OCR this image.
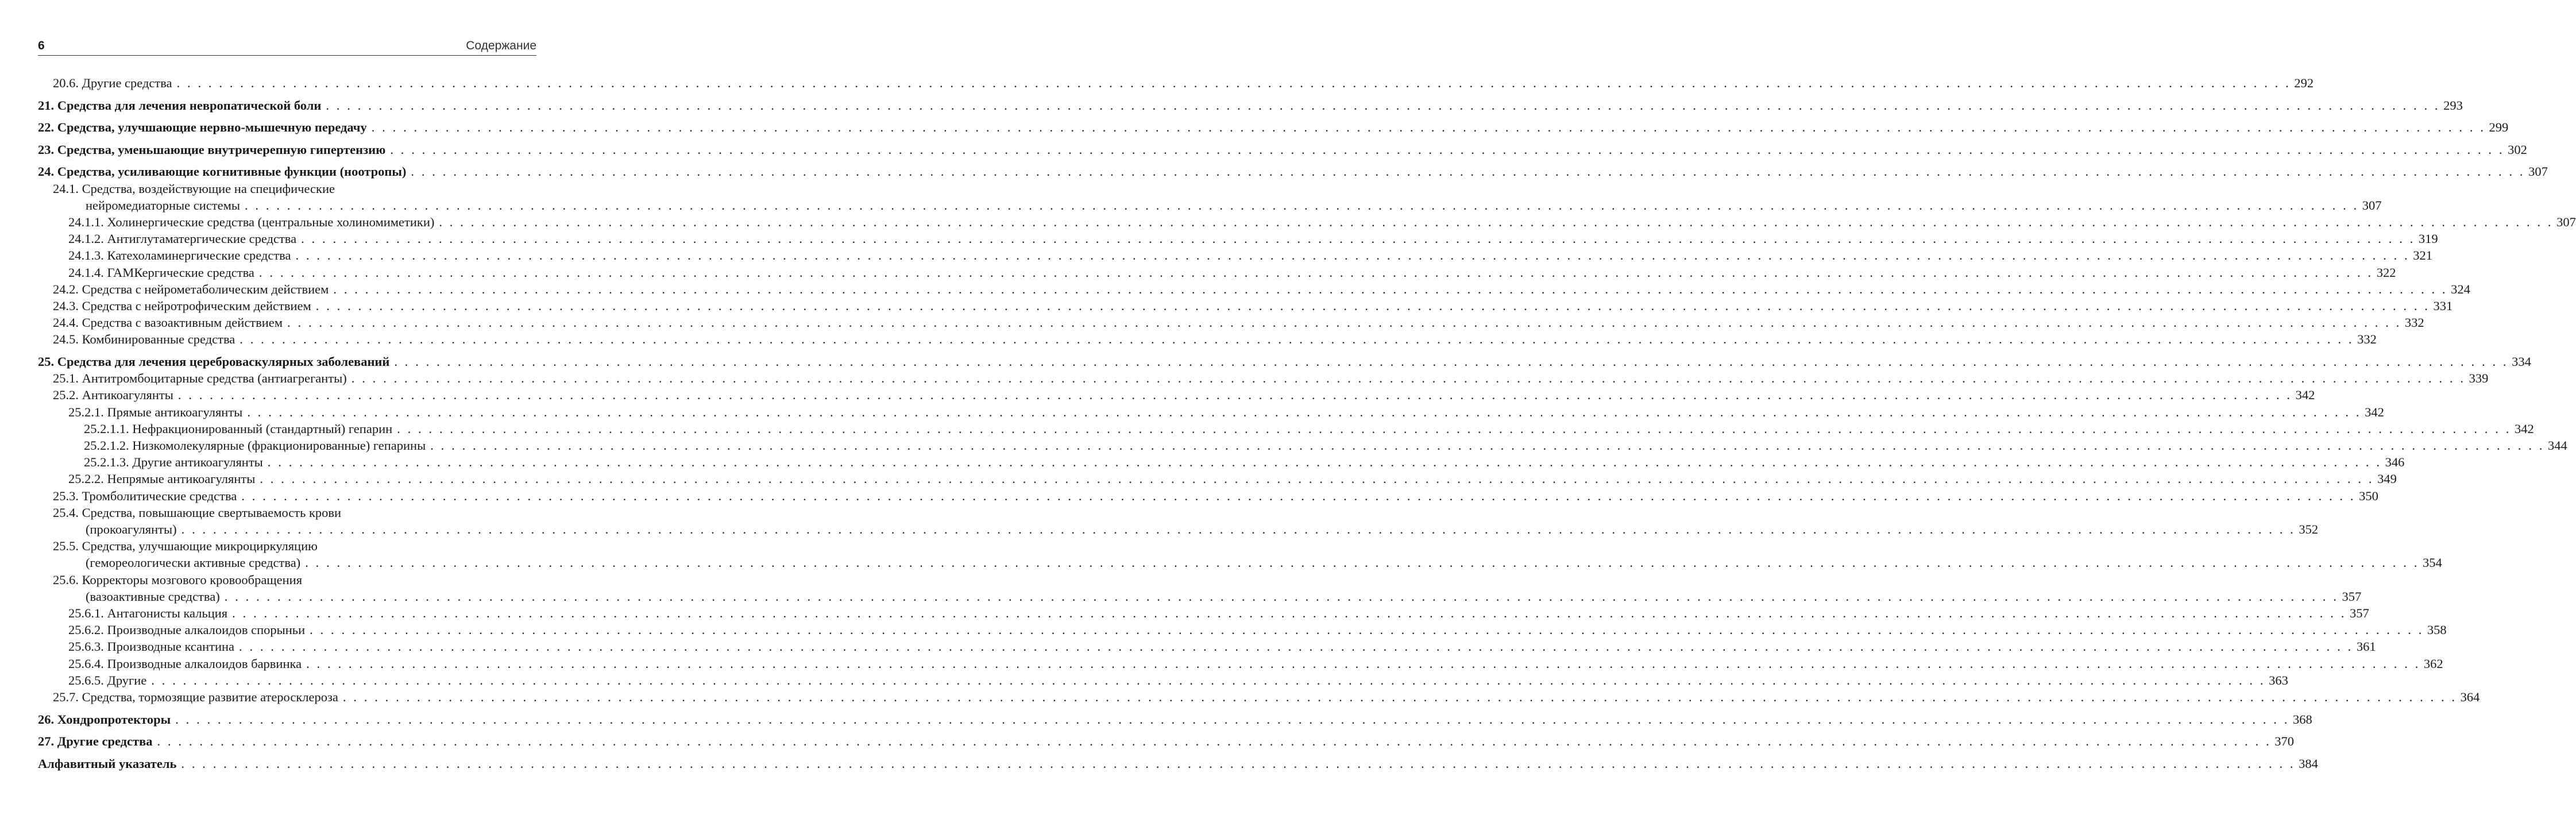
6	Содержание
20.6. Другие средства . . . . . . . . . . . . . . . . . . . . . . . . . . . . . . . . . . . . . . . . . . . . . . . . . . . . . . . . . . . . . . . . . . . . . . . . . . . . . . . . . . . . . . . . . . . . . . . . . . . . . . . . . . . . . . . . . . . . . . . . . . . . . . . . . . . . . . . . . . . . . . . . . . . . . . . . . . . . . . . . . . . . . . . . . . . . . . . . . . . . . . . . . . . . . . . . . . . . . . . . 292
21. Средства для лечения невропатической боли . . . . . . . . . . . . . . . . . . . . . . . . . . . . . . . . . . . . . . . . . . . . . . . . . . . . . . . . . . . . . . . . . . . . . . . . . . . . . . . . . . . . . . . . . . . . . . . . . . . . . . . . . . . . . . . . . . . . . . . . . . . . . . . . . . . . . . . . . . . . . . . . . . . . . . . . . . . . . . . . . . . . . . . . . . . . . . . . . . . . . . . . . . . . . . . . . . . . . . . . 293
22. Средства, улучшающие нервно-мышечную передачу . . . . . . . . . . . . . . . . . . . . . . . . . . . . . . . . . . . . . . . . . . . . . . . . . . . . . . . . . . . . . . . . . . . . . . . . . . . . . . . . . . . . . . . . . . . . . . . . . . . . . . . . . . . . . . . . . . . . . . . . . . . . . . . . . . . . . . . . . . . . . . . . . . . . . . . . . . . . . . . . . . . . . . . . . . . . . . . . . . . . . . . . . . . . . . . . . . . . . . . . 299
23. Средства, уменьшающие внутричерепную гипертензию . . . . . . . . . . . . . . . . . . . . . . . . . . . . . . . . . . . . . . . . . . . . . . . . . . . . . . . . . . . . . . . . . . . . . . . . . . . . . . . . . . . . . . . . . . . . . . . . . . . . . . . . . . . . . . . . . . . . . . . . . . . . . . . . . . . . . . . . . . . . . . . . . . . . . . . . . . . . . . . . . . . . . . . . . . . . . . . . . . . . . . . . . . . . . . . . . . . . . . . . 302
24. Средства, усиливающие когнитивные функции (ноотропы) . . . . . . . . . . . . . . . . . . . . . . . . . . . . . . . . . . . . . . . . . . . . . . . . . . . . . . . . . . . . . . . . . . . . . . . . . . . . . . . . . . . . . . . . . . . . . . . . . . . . . . . . . . . . . . . . . . . . . . . . . . . . . . . . . . . . . . . . . . . . . . . . . . . . . . . . . . . . . . . . . . . . . . . . . . . . . . . . . . . . . . . . . . . . . . . . . . . . . . . . 307
24.1. Средства, воздействующие на специфические
нейромедиаторные системы . . . . . . . . . . . . . . . . . . . . . . . . . . . . . . . . . . . . . . . . . . . . . . . . . . . . . . . . . . . . . . . . . . . . . . . . . . . . . . . . . . . . . . . . . . . . . . . . . . . . . . . . . . . . . . . . . . . . . . . . . . . . . . . . . . . . . . . . . . . . . . . . . . . . . . . . . . . . . . . . . . . . . . . . . . . . . . . . . . . . . . . . . . . . . . . . . . . . . . . . 307
24.1.1. Холинергические средства (центральные холиномиметики) . . . . . . . . . . . . . . . . . . . . . . . . . . . . . . . . . . . . . . . . . . . . . . . . . . . . . . . . . . . . . . . . . . . . . . . . . . . . . . . . . . . . . . . . . . . . . . . . . . . . . . . . . . . . . . . . . . . . . . . . . . . . . . . . . . . . . . . . . . . . . . . . . . . . . . . . . . . . . . . . . . . . . . . . . . . . . . . . . . . . . . . . . . . . . . . . . . . . . . . . 307
24.1.2. Антиглутаматергические средства . . . . . . . . . . . . . . . . . . . . . . . . . . . . . . . . . . . . . . . . . . . . . . . . . . . . . . . . . . . . . . . . . . . . . . . . . . . . . . . . . . . . . . . . . . . . . . . . . . . . . . . . . . . . . . . . . . . . . . . . . . . . . . . . . . . . . . . . . . . . . . . . . . . . . . . . . . . . . . . . . . . . . . . . . . . . . . . . . . . . . . . . . . . . . . . . . . . . . . . . 319
24.1.3. Катехоламинергические средства . . . . . . . . . . . . . . . . . . . . . . . . . . . . . . . . . . . . . . . . . . . . . . . . . . . . . . . . . . . . . . . . . . . . . . . . . . . . . . . . . . . . . . . . . . . . . . . . . . . . . . . . . . . . . . . . . . . . . . . . . . . . . . . . . . . . . . . . . . . . . . . . . . . . . . . . . . . . . . . . . . . . . . . . . . . . . . . . . . . . . . . . . . . . . . . . . . . . . . . . 321
24.1.4. ГАМКергические средства . . . . . . . . . . . . . . . . . . . . . . . . . . . . . . . . . . . . . . . . . . . . . . . . . . . . . . . . . . . . . . . . . . . . . . . . . . . . . . . . . . . . . . . . . . . . . . . . . . . . . . . . . . . . . . . . . . . . . . . . . . . . . . . . . . . . . . . . . . . . . . . . . . . . . . . . . . . . . . . . . . . . . . . . . . . . . . . . . . . . . . . . . . . . . . . . . . . . . . . . 322
24.2. Средства с нейрометаболическим действием . . . . . . . . . . . . . . . . . . . . . . . . . . . . . . . . . . . . . . . . . . . . . . . . . . . . . . . . . . . . . . . . . . . . . . . . . . . . . . . . . . . . . . . . . . . . . . . . . . . . . . . . . . . . . . . . . . . . . . . . . . . . . . . . . . . . . . . . . . . . . . . . . . . . . . . . . . . . . . . . . . . . . . . . . . . . . . . . . . . . . . . . . . . . . . . . . . . . . . . . 324
24.3. Средства с нейротрофическим действием . . . . . . . . . . . . . . . . . . . . . . . . . . . . . . . . . . . . . . . . . . . . . . . . . . . . . . . . . . . . . . . . . . . . . . . . . . . . . . . . . . . . . . . . . . . . . . . . . . . . . . . . . . . . . . . . . . . . . . . . . . . . . . . . . . . . . . . . . . . . . . . . . . . . . . . . . . . . . . . . . . . . . . . . . . . . . . . . . . . . . . . . . . . . . . . . . . . . . . . . 331
24.4. Средства с вазоактивным действием . . . . . . . . . . . . . . . . . . . . . . . . . . . . . . . . . . . . . . . . . . . . . . . . . . . . . . . . . . . . . . . . . . . . . . . . . . . . . . . . . . . . . . . . . . . . . . . . . . . . . . . . . . . . . . . . . . . . . . . . . . . . . . . . . . . . . . . . . . . . . . . . . . . . . . . . . . . . . . . . . . . . . . . . . . . . . . . . . . . . . . . . . . . . . . . . . . . . . . . . 332
24.5. Комбинированные средства . . . . . . . . . . . . . . . . . . . . . . . . . . . . . . . . . . . . . . . . . . . . . . . . . . . . . . . . . . . . . . . . . . . . . . . . . . . . . . . . . . . . . . . . . . . . . . . . . . . . . . . . . . . . . . . . . . . . . . . . . . . . . . . . . . . . . . . . . . . . . . . . . . . . . . . . . . . . . . . . . . . . . . . . . . . . . . . . . . . . . . . . . . . . . . . . . . . . . . . . 332
25. Средства для лечения цереброваскулярных заболеваний . . . . . . . . . . . . . . . . . . . . . . . . . . . . . . . . . . . . . . . . . . . . . . . . . . . . . . . . . . . . . . . . . . . . . . . . . . . . . . . . . . . . . . . . . . . . . . . . . . . . . . . . . . . . . . . . . . . . . . . . . . . . . . . . . . . . . . . . . . . . . . . . . . . . . . . . . . . . . . . . . . . . . . . . . . . . . . . . . . . . . . . . . . . . . . . . . . . . . . . . 334
25.1. Антитромбоцитарные средства (антиагреганты) . . . . . . . . . . . . . . . . . . . . . . . . . . . . . . . . . . . . . . . . . . . . . . . . . . . . . . . . . . . . . . . . . . . . . . . . . . . . . . . . . . . . . . . . . . . . . . . . . . . . . . . . . . . . . . . . . . . . . . . . . . . . . . . . . . . . . . . . . . . . . . . . . . . . . . . . . . . . . . . . . . . . . . . . . . . . . . . . . . . . . . . . . . . . . . . . . . . . . . . . 339
25.2. Антикоагулянты . . . . . . . . . . . . . . . . . . . . . . . . . . . . . . . . . . . . . . . . . . . . . . . . . . . . . . . . . . . . . . . . . . . . . . . . . . . . . . . . . . . . . . . . . . . . . . . . . . . . . . . . . . . . . . . . . . . . . . . . . . . . . . . . . . . . . . . . . . . . . . . . . . . . . . . . . . . . . . . . . . . . . . . . . . . . . . . . . . . . . . . . . . . . . . . . . . . . . . . . 342
25.2.1. Прямые антикоагулянты . . . . . . . . . . . . . . . . . . . . . . . . . . . . . . . . . . . . . . . . . . . . . . . . . . . . . . . . . . . . . . . . . . . . . . . . . . . . . . . . . . . . . . . . . . . . . . . . . . . . . . . . . . . . . . . . . . . . . . . . . . . . . . . . . . . . . . . . . . . . . . . . . . . . . . . . . . . . . . . . . . . . . . . . . . . . . . . . . . . . . . . . . . . . . . . . . . . . . . . . 342
25.2.1.1. Нефракционированный (стандартный) гепарин . . . . . . . . . . . . . . . . . . . . . . . . . . . . . . . . . . . . . . . . . . . . . . . . . . . . . . . . . . . . . . . . . . . . . . . . . . . . . . . . . . . . . . . . . . . . . . . . . . . . . . . . . . . . . . . . . . . . . . . . . . . . . . . . . . . . . . . . . . . . . . . . . . . . . . . . . . . . . . . . . . . . . . . . . . . . . . . . . . . . . . . . . . . . . . . . . . . . . . . . 342
25.2.1.2. Низкомолекулярные (фракционированные) гепарины . . . . . . . . . . . . . . . . . . . . . . . . . . . . . . . . . . . . . . . . . . . . . . . . . . . . . . . . . . . . . . . . . . . . . . . . . . . . . . . . . . . . . . . . . . . . . . . . . . . . . . . . . . . . . . . . . . . . . . . . . . . . . . . . . . . . . . . . . . . . . . . . . . . . . . . . . . . . . . . . . . . . . . . . . . . . . . . . . . . . . . . . . . . . . . . . . . . . . . . . 344
25.2.1.3. Другие антикоагулянты . . . . . . . . . . . . . . . . . . . . . . . . . . . . . . . . . . . . . . . . . . . . . . . . . . . . . . . . . . . . . . . . . . . . . . . . . . . . . . . . . . . . . . . . . . . . . . . . . . . . . . . . . . . . . . . . . . . . . . . . . . . . . . . . . . . . . . . . . . . . . . . . . . . . . . . . . . . . . . . . . . . . . . . . . . . . . . . . . . . . . . . . . . . . . . . . . . . . . . . . 346
25.2.2. Непрямые антикоагулянты . . . . . . . . . . . . . . . . . . . . . . . . . . . . . . . . . . . . . . . . . . . . . . . . . . . . . . . . . . . . . . . . . . . . . . . . . . . . . . . . . . . . . . . . . . . . . . . . . . . . . . . . . . . . . . . . . . . . . . . . . . . . . . . . . . . . . . . . . . . . . . . . . . . . . . . . . . . . . . . . . . . . . . . . . . . . . . . . . . . . . . . . . . . . . . . . . . . . . . . . 349
25.3. Тромболитические средства . . . . . . . . . . . . . . . . . . . . . . . . . . . . . . . . . . . . . . . . . . . . . . . . . . . . . . . . . . . . . . . . . . . . . . . . . . . . . . . . . . . . . . . . . . . . . . . . . . . . . . . . . . . . . . . . . . . . . . . . . . . . . . . . . . . . . . . . . . . . . . . . . . . . . . . . . . . . . . . . . . . . . . . . . . . . . . . . . . . . . . . . . . . . . . . . . . . . . . . . 350
25.4. Средства, повышающие свертываемость крови
(прокоагулянты) . . . . . . . . . . . . . . . . . . . . . . . . . . . . . . . . . . . . . . . . . . . . . . . . . . . . . . . . . . . . . . . . . . . . . . . . . . . . . . . . . . . . . . . . . . . . . . . . . . . . . . . . . . . . . . . . . . . . . . . . . . . . . . . . . . . . . . . . . . . . . . . . . . . . . . . . . . . . . . . . . . . . . . . . . . . . . . . . . . . . . . . . . . . . . . . . . . . . . . . . 352
25.5. Средства, улучшающие микроциркуляцию
(гемореологически активные средства) . . . . . . . . . . . . . . . . . . . . . . . . . . . . . . . . . . . . . . . . . . . . . . . . . . . . . . . . . . . . . . . . . . . . . . . . . . . . . . . . . . . . . . . . . . . . . . . . . . . . . . . . . . . . . . . . . . . . . . . . . . . . . . . . . . . . . . . . . . . . . . . . . . . . . . . . . . . . . . . . . . . . . . . . . . . . . . . . . . . . . . . . . . . . . . . . . . . . . . . . 354
25.6. Корректоры мозгового кровообращения
(вазоактивные средства) . . . . . . . . . . . . . . . . . . . . . . . . . . . . . . . . . . . . . . . . . . . . . . . . . . . . . . . . . . . . . . . . . . . . . . . . . . . . . . . . . . . . . . . . . . . . . . . . . . . . . . . . . . . . . . . . . . . . . . . . . . . . . . . . . . . . . . . . . . . . . . . . . . . . . . . . . . . . . . . . . . . . . . . . . . . . . . . . . . . . . . . . . . . . . . . . . . . . . . . . 357
25.6.1. Антагонисты кальция . . . . . . . . . . . . . . . . . . . . . . . . . . . . . . . . . . . . . . . . . . . . . . . . . . . . . . . . . . . . . . . . . . . . . . . . . . . . . . . . . . . . . . . . . . . . . . . . . . . . . . . . . . . . . . . . . . . . . . . . . . . . . . . . . . . . . . . . . . . . . . . . . . . . . . . . . . . . . . . . . . . . . . . . . . . . . . . . . . . . . . . . . . . . . . . . . . . . . . . . 357
25.6.2. Производные алкалоидов спорыньи . . . . . . . . . . . . . . . . . . . . . . . . . . . . . . . . . . . . . . . . . . . . . . . . . . . . . . . . . . . . . . . . . . . . . . . . . . . . . . . . . . . . . . . . . . . . . . . . . . . . . . . . . . . . . . . . . . . . . . . . . . . . . . . . . . . . . . . . . . . . . . . . . . . . . . . . . . . . . . . . . . . . . . . . . . . . . . . . . . . . . . . . . . . . . . . . . . . . . . . . 358
25.6.3. Производные ксантина . . . . . . . . . . . . . . . . . . . . . . . . . . . . . . . . . . . . . . . . . . . . . . . . . . . . . . . . . . . . . . . . . . . . . . . . . . . . . . . . . . . . . . . . . . . . . . . . . . . . . . . . . . . . . . . . . . . . . . . . . . . . . . . . . . . . . . . . . . . . . . . . . . . . . . . . . . . . . . . . . . . . . . . . . . . . . . . . . . . . . . . . . . . . . . . . . . . . . . . . 361
25.6.4. Производные алкалоидов барвинка . . . . . . . . . . . . . . . . . . . . . . . . . . . . . . . . . . . . . . . . . . . . . . . . . . . . . . . . . . . . . . . . . . . . . . . . . . . . . . . . . . . . . . . . . . . . . . . . . . . . . . . . . . . . . . . . . . . . . . . . . . . . . . . . . . . . . . . . . . . . . . . . . . . . . . . . . . . . . . . . . . . . . . . . . . . . . . . . . . . . . . . . . . . . . . . . . . . . . . . . 362
25.6.5. Другие . . . . . . . . . . . . . . . . . . . . . . . . . . . . . . . . . . . . . . . . . . . . . . . . . . . . . . . . . . . . . . . . . . . . . . . . . . . . . . . . . . . . . . . . . . . . . . . . . . . . . . . . . . . . . . . . . . . . . . . . . . . . . . . . . . . . . . . . . . . . . . . . . . . . . . . . . . . . . . . . . . . . . . . . . . . . . . . . . . . . . . . . . . . . . . . . . . . . . . . . 363
25.7. Средства, тормозящие развитие атеросклероза . . . . . . . . . . . . . . . . . . . . . . . . . . . . . . . . . . . . . . . . . . . . . . . . . . . . . . . . . . . . . . . . . . . . . . . . . . . . . . . . . . . . . . . . . . . . . . . . . . . . . . . . . . . . . . . . . . . . . . . . . . . . . . . . . . . . . . . . . . . . . . . . . . . . . . . . . . . . . . . . . . . . . . . . . . . . . . . . . . . . . . . . . . . . . . . . . . . . . . . . 364
26. Хондропротекторы . . . . . . . . . . . . . . . . . . . . . . . . . . . . . . . . . . . . . . . . . . . . . . . . . . . . . . . . . . . . . . . . . . . . . . . . . . . . . . . . . . . . . . . . . . . . . . . . . . . . . . . . . . . . . . . . . . . . . . . . . . . . . . . . . . . . . . . . . . . . . . . . . . . . . . . . . . . . . . . . . . . . . . . . . . . . . . . . . . . . . . . . . . . . . . . . . . . . . . . . 368
27. Другие средства . . . . . . . . . . . . . . . . . . . . . . . . . . . . . . . . . . . . . . . . . . . . . . . . . . . . . . . . . . . . . . . . . . . . . . . . . . . . . . . . . . . . . . . . . . . . . . . . . . . . . . . . . . . . . . . . . . . . . . . . . . . . . . . . . . . . . . . . . . . . . . . . . . . . . . . . . . . . . . . . . . . . . . . . . . . . . . . . . . . . . . . . . . . . . . . . . . . . . . . . 370
Алфавитный указатель . . . . . . . . . . . . . . . . . . . . . . . . . . . . . . . . . . . . . . . . . . . . . . . . . . . . . . . . . . . . . . . . . . . . . . . . . . . . . . . . . . . . . . . . . . . . . . . . . . . . . . . . . . . . . . . . . . . . . . . . . . . . . . . . . . . . . . . . . . . . . . . . . . . . . . . . . . . . . . . . . . . . . . . . . . . . . . . . . . . . . . . . . . . . . . . . . . . . . . . . 384
